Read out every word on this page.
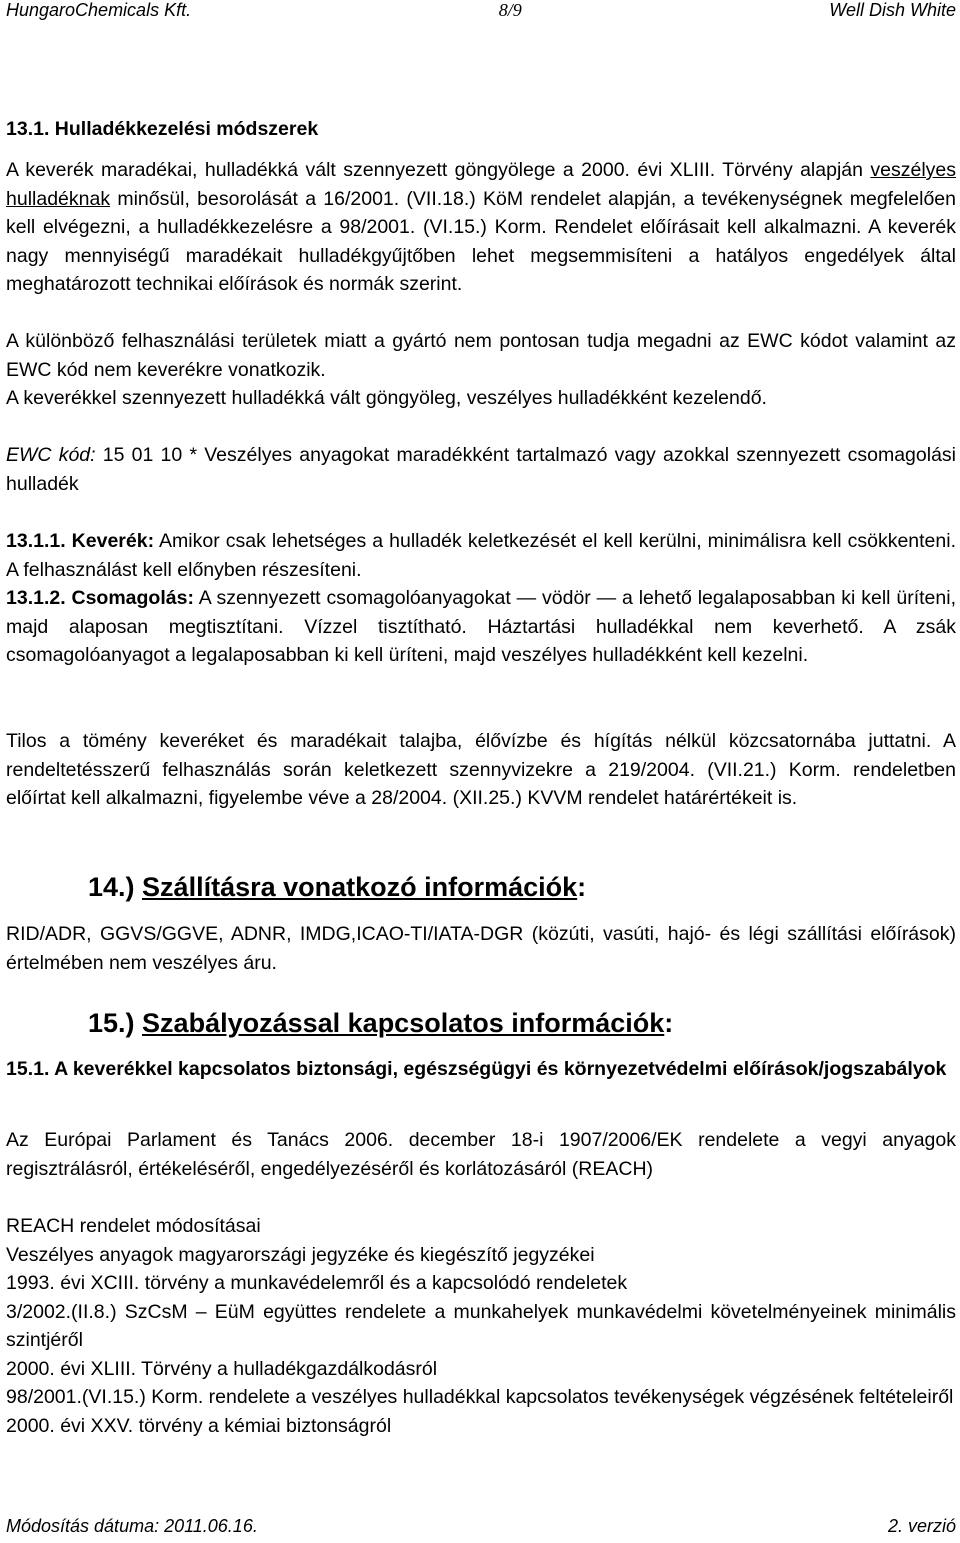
HungaroChemicals Kft.	8/9	Well Dish White
13.1. Hulladékkezelési módszerek

A keverék maradékai, hulladékká vált szennyezett göngyölege a 2000. évi XLIII. Törvény alapján veszélyes hulladéknak minősül, besorolását a 16/2001. (VII.18.) KöM rendelet alapján, a tevékenységnek megfelelően kell elvégezni, a hulladékkezelésre a 98/2001. (VI.15.) Korm. Rendelet előírásait kell alkalmazni. A keverék nagy mennyiségű maradékait hulladékgyűjtőben lehet megsemmisíteni a hatályos engedélyek által meghatározott technikai előírások és normák szerint.

A különböző felhasználási területek miatt a gyártó nem pontosan tudja megadni az EWC kódot valamint az EWC kód nem keverékre vonatkozik.
A keverékkel szennyezett hulladékká vált göngyöleg, veszélyes hulladékként kezelendő.

EWC kód: 15 01 10 * Veszélyes anyagokat maradékként tartalmazó vagy azokkal szennyezett csomagolási hulladék

13.1.1. Keverék: Amikor csak lehetséges a hulladék keletkezését el kell kerülni, minimálisra kell csökkenteni. A felhasználást kell előnyben részesíteni.

13.1.2. Csomagolás: A szennyezett csomagolóanyagokat — vödör — a lehető legalaposabban ki kell üríteni, majd alaposan megtisztítani. Vízzel tisztítható. Háztartási hulladékkal nem keverhető. A zsák csomagolóanyagot a legalaposabban ki kell üríteni, majd veszélyes hulladékként kell kezelni.

Tilos a tömény keveréket és maradékait talajba, élővízbe és hígítás nélkül közcsatornába juttatni. A rendeltetésszerű felhasználás során keletkezett szennyvizekre a 219/2004. (VII.21.) Korm. rendeletben előírtat kell alkalmazni, figyelembe véve a 28/2004. (XII.25.) KVVM rendelet határértékeit is.
14.) Szállításra vonatkozó információk:
RID/ADR, GGVS/GGVE, ADNR, IMDG,ICAO-TI/IATA-DGR (közúti, vasúti, hajó- és légi szállítási előírások) értelmében nem veszélyes áru.
15.) Szabályozással kapcsolatos információk:
15.1. A keverékkel kapcsolatos biztonsági, egészségügyi és környezetvédelmi előírások/jogszabályok
Az Európai Parlament és Tanács 2006. december 18-i 1907/2006/EK rendelete a vegyi anyagok regisztrálásról, értékeléséről, engedélyezéséről és korlátozásáról (REACH)

REACH rendelet módosításai

Veszélyes anyagok magyarországi jegyzéke és kiegészítő jegyzékei

1993. évi XCIII. törvény a munkavédelemről és a kapcsolódó rendeletek

3/2002.(II.8.) SzCsM – EüM együttes rendelete a munkahelyek munkavédelmi követelményeinek minimális szintjéről

2000. évi XLIII. Törvény a hulladékgazdálkodásról

98/2001.(VI.15.) Korm. rendelete a veszélyes hulladékkal kapcsolatos tevékenységek végzésének feltételeiről

2000. évi XXV. törvény a kémiai biztonságról

Módosítás dátuma: 2011.06.16.	2. verzió
